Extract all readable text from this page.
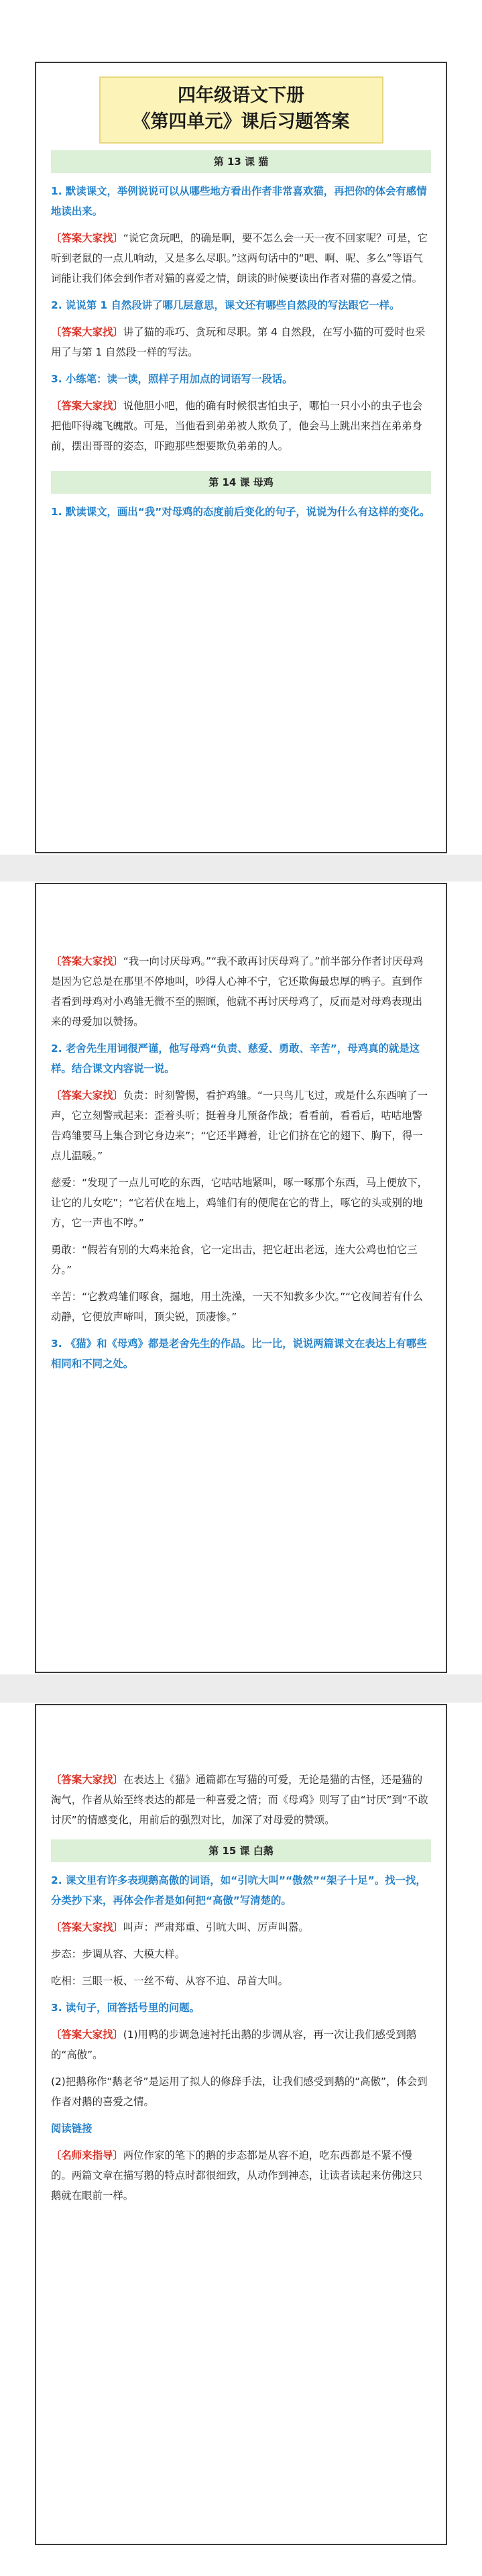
四年级语文下册
《第四单元》课后习题答案
第 13 课 猫

1. 默读课文，举例说说可以从哪些地方看出作者非常喜欢猫，再把你的体会有感情地读出来。

〔答案大家找〕“说它贪玩吧，的确是啊，要不怎么会一天一夜不回家呢？可是，它听到老鼠的一点儿响动，又是多么尽职。”这两句话中的“吧、啊、呢、多么”等语气词能让我们体会到作者对猫的喜爱之情，朗读的时候要读出作者对猫的喜爱之情。

2. 说说第 1 自然段讲了哪几层意思，课文还有哪些自然段的写法跟它一样。

〔答案大家找〕讲了猫的乖巧、贪玩和尽职。第 4 自然段，在写小猫的可爱时也采用了与第 1 自然段一样的写法。

3. 小练笔：读一读，照样子用加点的词语写一段话。

〔答案大家找〕说他胆小吧，他的确有时候很害怕虫子，哪怕一只小小的虫子也会把他吓得魂飞魄散。可是，当他看到弟弟被人欺负了，他会马上跳出来挡在弟弟身前，摆出哥哥的姿态，吓跑那些想要欺负弟弟的人。

第 14 课 母鸡

1. 默读课文，画出“我”对母鸡的态度前后变化的句子，说说为什么有这样的变化。

〔答案大家找〕“我一向讨厌母鸡。”“我不敢再讨厌母鸡了。”前半部分作者讨厌母鸡是因为它总是在那里不停地叫，吵得人心神不宁，它还欺侮最忠厚的鸭子。直到作者看到母鸡对小鸡雏无微不至的照顾，他就不再讨厌母鸡了，反而是对母鸡表现出来的母爱加以赞扬。

2. 老舍先生用词很严谨，他写母鸡“负责、慈爱、勇敢、辛苦”，母鸡真的就是这样。结合课文内容说一说。

〔答案大家找〕负责：时刻警惕，看护鸡雏。“一只鸟儿飞过，或是什么东西响了一声，它立刻警戒起来：歪着头听；挺着身儿预备作战；看看前，看看后，咕咕地警告鸡雏要马上集合到它身边来”；“它还半蹲着，让它们挤在它的翅下、胸下，得一点儿温暖。”

慈爱：“发现了一点儿可吃的东西，它咕咕地紧叫，啄一啄那个东西，马上便放下，让它的儿女吃”；“它若伏在地上，鸡雏们有的便爬在它的背上，啄它的头或别的地方，它一声也不哼。”

勇敢：“假若有别的大鸡来抢食，它一定出击，把它赶出老远，连大公鸡也怕它三分。”

辛苦：“它教鸡雏们啄食，掘地，用土洗澡，一天不知教多少次。”“它夜间若有什么动静，它便放声啼叫，顶尖锐，顶凄惨。”

3. 《猫》和《母鸡》都是老舍先生的作品。比一比，说说两篇课文在表达上有哪些相同和不同之处。

〔答案大家找〕在表达上《猫》通篇都在写猫的可爱，无论是猫的古怪，还是猫的淘气，作者从始至终表达的都是一种喜爱之情；而《母鸡》则写了由“讨厌”到“不敢讨厌”的情感变化，用前后的强烈对比，加深了对母爱的赞颂。

第 15 课 白鹅

2. 课文里有许多表现鹅高傲的词语，如“引吭大叫”“傲然”“架子十足”。找一找，分类抄下来，再体会作者是如何把“高傲”写清楚的。

〔答案大家找〕叫声：严肃郑重、引吭大叫、厉声叫嚣。

步态：步调从容、大模大样。

吃相：三眼一板、一丝不苟、从容不迫、昂首大叫。

3. 读句子，回答括号里的问题。

〔答案大家找〕(1)用鸭的步调急速衬托出鹅的步调从容，再一次让我们感受到鹅的“高傲”。

(2)把鹅称作“鹅老爷”是运用了拟人的修辞手法，让我们感受到鹅的“高傲”，体会到作者对鹅的喜爱之情。

阅读链接

〔名师来指导〕两位作家的笔下的鹅的步态都是从容不迫，吃东西都是不紧不慢的。两篇文章在描写鹅的特点时都很细致，从动作到神态，让读者读起来仿佛这只鹅就在眼前一样。
